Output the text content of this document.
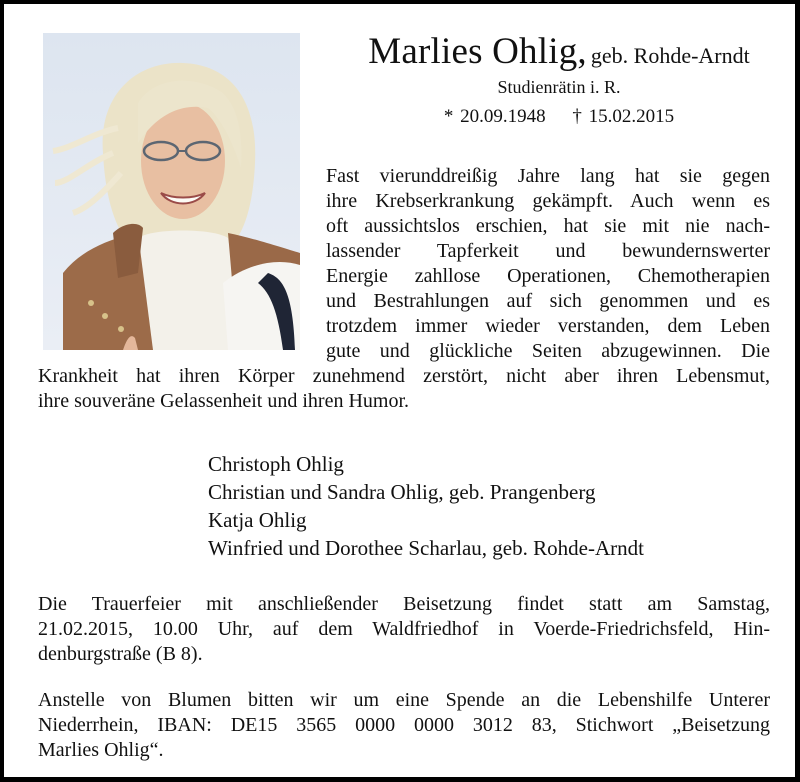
Marlies Ohlig, geb. Rohde-Arndt
Studienrätin i. R.
* 20.09.1948 † 15.02.2015
Fast vierunddreißig Jahre lang hat sie gegen
ihre Krebserkrankung gekämpft. Auch wenn es
oft aussichtslos erschien, hat sie mit nie nach-
lassender Tapferkeit und bewundernswerter
Energie zahllose Operationen, Chemotherapien
und Bestrahlungen auf sich genommen und es
trotzdem immer wieder verstanden, dem Leben
gute und glückliche Seiten abzugewinnen. Die
Krankheit hat ihren Körper zunehmend zerstört, nicht aber ihren Lebensmut,
ihre souveräne Gelassenheit und ihren Humor.
Christoph Ohlig
Christian und Sandra Ohlig, geb. Prangenberg
Katja Ohlig
Winfried und Dorothee Scharlau, geb. Rohde-Arndt
Die Trauerfeier mit anschließender Beisetzung findet statt am Samstag,
21.02.2015, 10.00 Uhr, auf dem Waldfriedhof in Voerde-Friedrichsfeld, Hin-
denburgstraße (B 8).
Anstelle von Blumen bitten wir um eine Spende an die Lebenshilfe Unterer
Niederrhein, IBAN: DE15 3565 0000 0000 3012 83, Stichwort „Beisetzung
Marlies Ohlig“.
